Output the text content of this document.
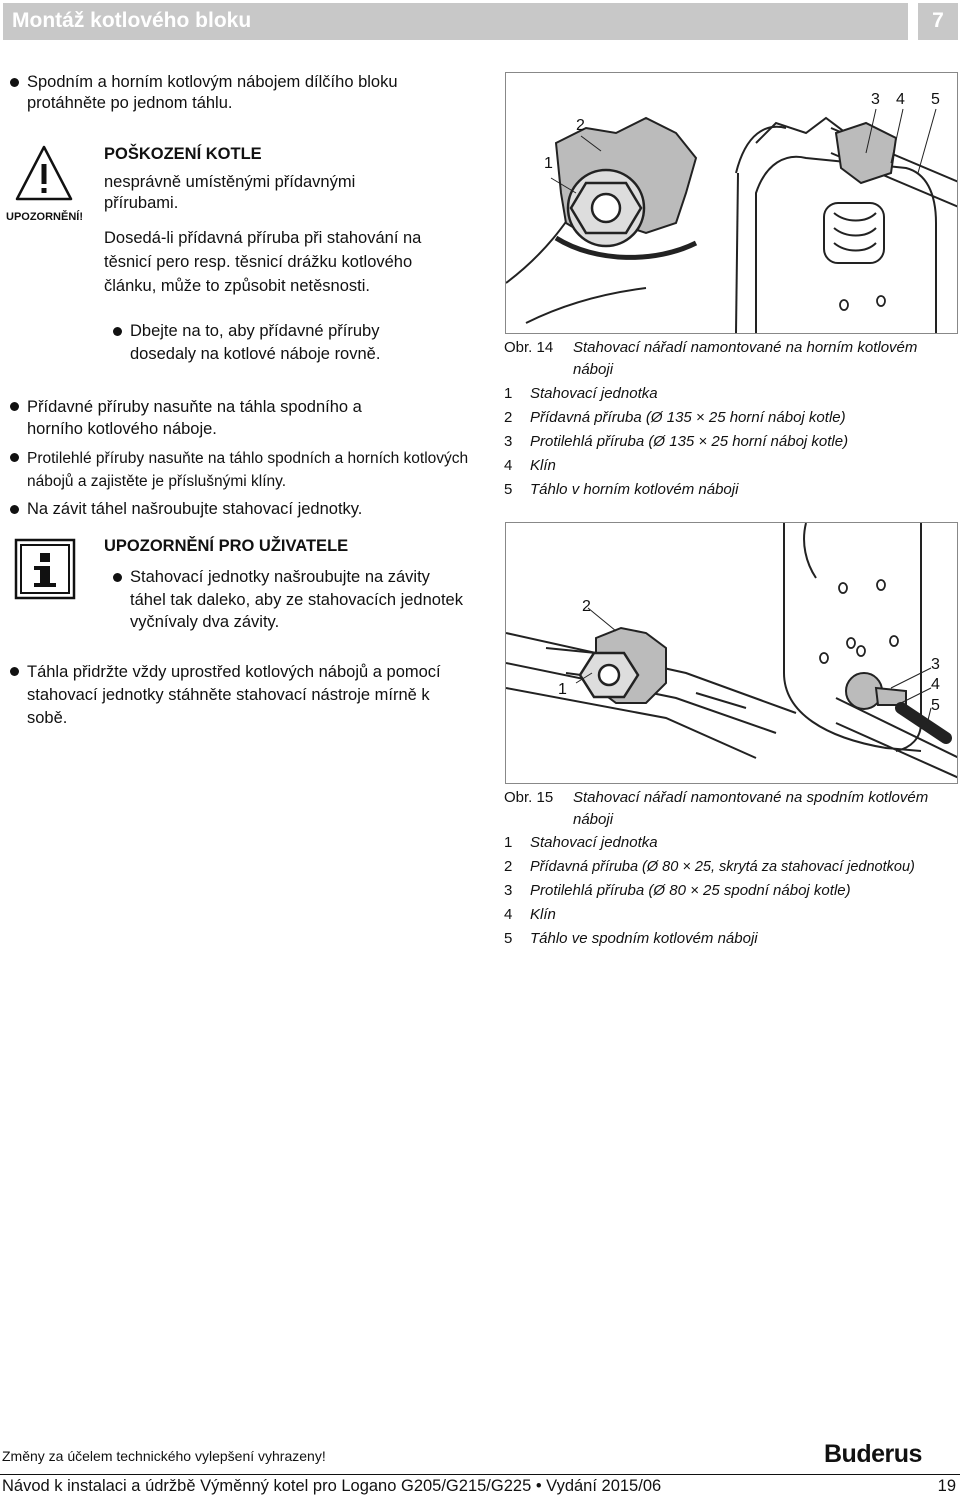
Montáž kotlového bloku	7
Spodním a horním kotlovým nábojem dílčího bloku protáhněte po jednom táhlu.
UPOZORNĚNÍ!
POŠKOZENÍ KOTLE
nesprávně umístěnými přídavnými přírubami.
Dosedá-li přídavná příruba při stahování na těsnicí pero resp. těsnicí drážku kotlového článku, může to způsobit netěsnosti.
Dbejte na to, aby přídavné příruby dosedaly na kotlové náboje rovně.
Přídavné příruby nasuňte na táhla spodního a horního kotlového náboje.
Protilehlé příruby nasuňte na táhlo spodních a horních kotlových nábojů a zajistěte je příslušnými klíny.
Na závit táhel našroubujte stahovací jednotky.
UPOZORNĚNÍ PRO UŽIVATELE
Stahovací jednotky našroubujte na závity táhel tak daleko, aby ze stahovacích jednotek vyčnívaly dva závity.
Táhla přidržte vždy uprostřed kotlových nábojů a pomocí stahovací jednotky stáhněte stahovací nástroje mírně k sobě.
2
1
3 4 5
Obr. 14 Stahovací nářadí namontované na horním kotlovém náboji
1 Stahovací jednotka
2 Přídavná příruba (Ø 135 × 25 horní náboj kotle)
3 Protilehlá příruba (Ø 135 × 25 horní náboj kotle)
4 Klín
5 Táhlo v horním kotlovém náboji
2
1
3
4
5
Obr. 15 Stahovací nářadí namontované na spodním kotlovém náboji
1 Stahovací jednotka
2 Přídavná příruba (Ø 80 × 25, skrytá za stahovací jednotkou)
3 Protilehlá příruba (Ø 80 × 25 spodní náboj kotle)
4 Klín
5 Táhlo ve spodním kotlovém náboji
Změny za účelem technického vylepšení vyhrazeny!	Buderus
Návod k instalaci a údržbě Výměnný kotel pro Logano G205/G215/G225 • Vydání 2015/06	19
